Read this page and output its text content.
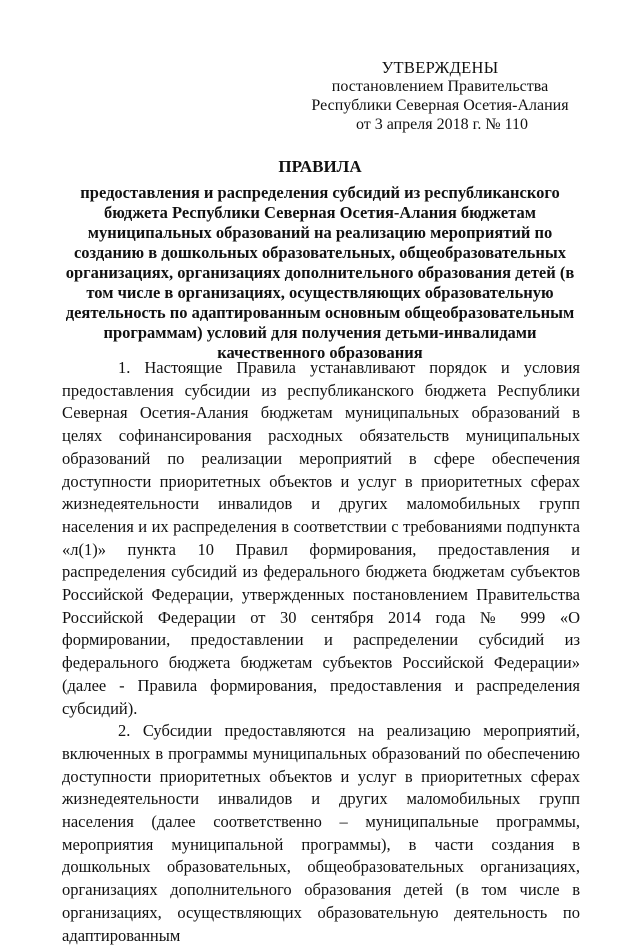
УТВЕРЖДЕНЫ
постановлением Правительства
Республики Северная Осетия-Алания
от 3 апреля 2018 г. № 110
ПРАВИЛА
предоставления и распределения субсидий из республиканского бюджета Республики Северная Осетия-Алания бюджетам муниципальных образований на реализацию мероприятий по созданию в дошкольных образовательных, общеобразовательных организациях, организациях дополнительного образования детей (в том числе в организациях, осуществляющих образовательную деятельность по адаптированным основным общеобразовательным программам) условий для получения детьми-инвалидами качественного образования

1. Настоящие Правила устанавливают порядок и условия предоставления субсидии из республиканского бюджета Республики Северная Осетия-Алания бюджетам муниципальных образований в целях софинансирования расходных обязательств муниципальных образований по реализации мероприятий в сфере обеспечения доступности приоритетных объектов и услуг в приоритетных сферах жизнедеятельности инвалидов и других маломобильных групп населения и их распределения в соответствии с требованиями подпункта «л(1)» пункта 10 Правил формирования, предоставления и распределения субсидий из федерального бюджета бюджетам субъектов Российской Федерации, утвержденных постановлением Правительства Российской Федерации от 30 сентября 2014 года № 999 «О формировании, предоставлении и распределении субсидий из федерального бюджета бюджетам субъектов Российской Федерации» (далее - Правила формирования, предоставления и распределения субсидий).

2. Субсидии предоставляются на реализацию мероприятий, включенных в программы муниципальных образований по обеспечению доступности приоритетных объектов и услуг в приоритетных сферах жизнедеятельности инвалидов и других маломобильных групп населения (далее соответственно – муниципальные программы, мероприятия муниципальной программы), в части создания в дошкольных образовательных, общеобразовательных организациях, организациях дополнительного образования детей (в том числе в организациях, осуществляющих образовательную деятельность по адаптированным
